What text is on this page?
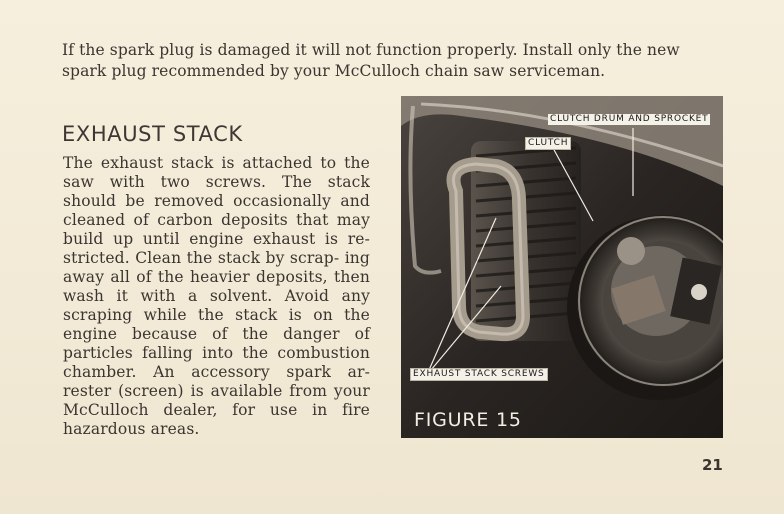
If the spark plug is damaged it will not function properly. Install only the new
spark plug recommended by your McCulloch chain saw serviceman.

EXHAUST STACK

The exhaust stack is attached to the saw with two screws. The stack should be removed occasionally and cleaned of carbon deposits that may build up until engine exhaust is re- stricted. Clean the stack by scrap- ing away all of the heavier deposits, then wash it with a solvent. Avoid any scraping while the stack is on the engine because of the danger of particles falling into the combustion chamber. An accessory spark ar- rester (screen) is available from your McCulloch dealer, for use in fire hazardous areas.

CLUTCH DRUM AND SPROCKET
CLUTCH
EXHAUST STACK SCREWS
FIGURE 15
21
